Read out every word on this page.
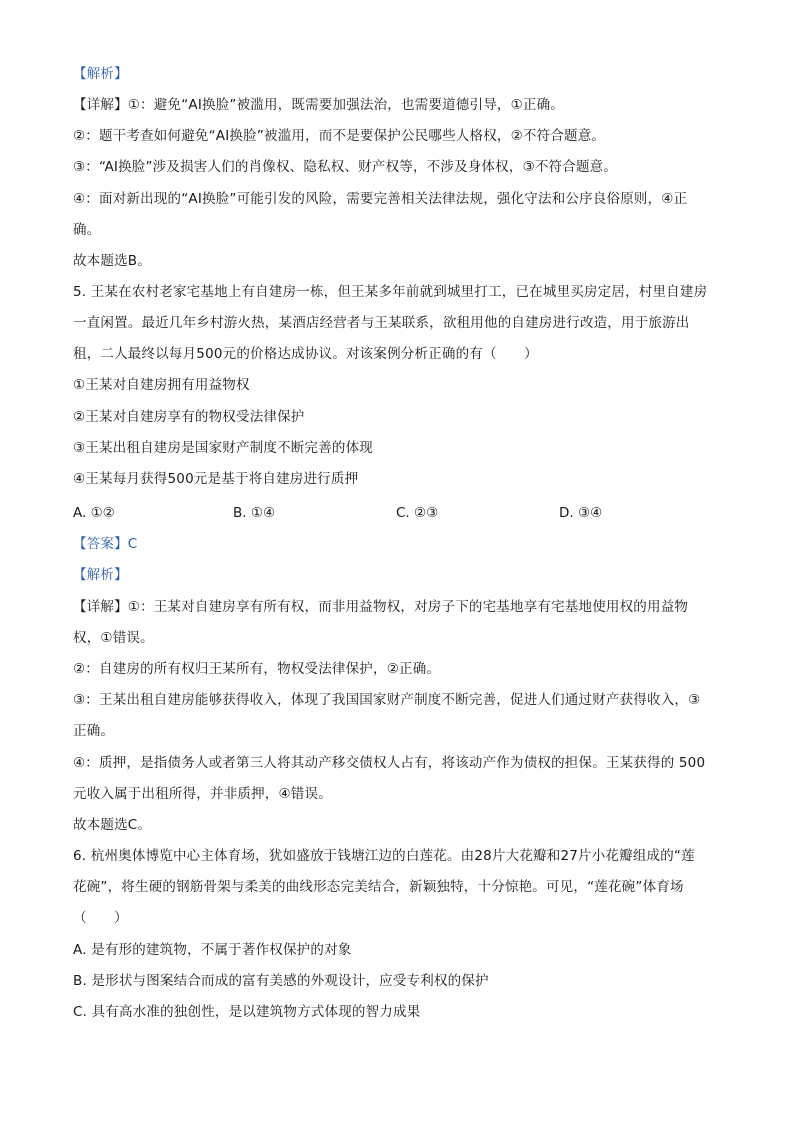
【解析】
【详解】①：避免“AI换脸”被滥用，既需要加强法治，也需要道德引导，①正确。
②：题干考查如何避免“AI换脸”被滥用，而不是要保护公民哪些人格权，②不符合题意。
③：“AI换脸”涉及损害人们的肖像权、隐私权、财产权等，不涉及身体权，③不符合题意。
④：面对新出现的“AI换脸”可能引发的风险，需要完善相关法律法规，强化守法和公序良俗原则，④正
确。
故本题选B。
5. 王某在农村老家宅基地上有自建房一栋，但王某多年前就到城里打工，已在城里买房定居，村里自建房
一直闲置。最近几年乡村游火热，某酒店经营者与王某联系，欲租用他的自建房进行改造，用于旅游出
租，二人最终以每月500元的价格达成协议。对该案例分析正确的有（　　）
①王某对自建房拥有用益物权
②王某对自建房享有的物权受法律保护
③王某出租自建房是国家财产制度不断完善的体现
④王某每月获得500元是基于将自建房进行质押
A. ①②	B. ①④	C. ②③	D. ③④
【答案】C
【解析】
【详解】①：王某对自建房享有所有权，而非用益物权，对房子下的宅基地享有宅基地使用权的用益物
权，①错误。
②：自建房的所有权归王某所有，物权受法律保护，②正确。
③：王某出租自建房能够获得收入，体现了我国国家财产制度不断完善，促进人们通过财产获得收入，③
正确。
④：质押，是指债务人或者第三人将其动产移交债权人占有，将该动产作为债权的担保。王某获得的 500
元收入属于出租所得，并非质押，④错误。
故本题选C。
6. 杭州奥体博览中心主体育场，犹如盛放于钱塘江边的白莲花。由28片大花瓣和27片小花瓣组成的“莲
花碗”，将生硬的钢筋骨架与柔美的曲线形态完美结合，新颖独特，十分惊艳。可见，“莲花碗”体育场
（　　）
A. 是有形的建筑物，不属于著作权保护的对象
B. 是形状与图案结合而成的富有美感的外观设计，应受专利权的保护
C. 具有高水准的独创性，是以建筑物方式体现的智力成果
